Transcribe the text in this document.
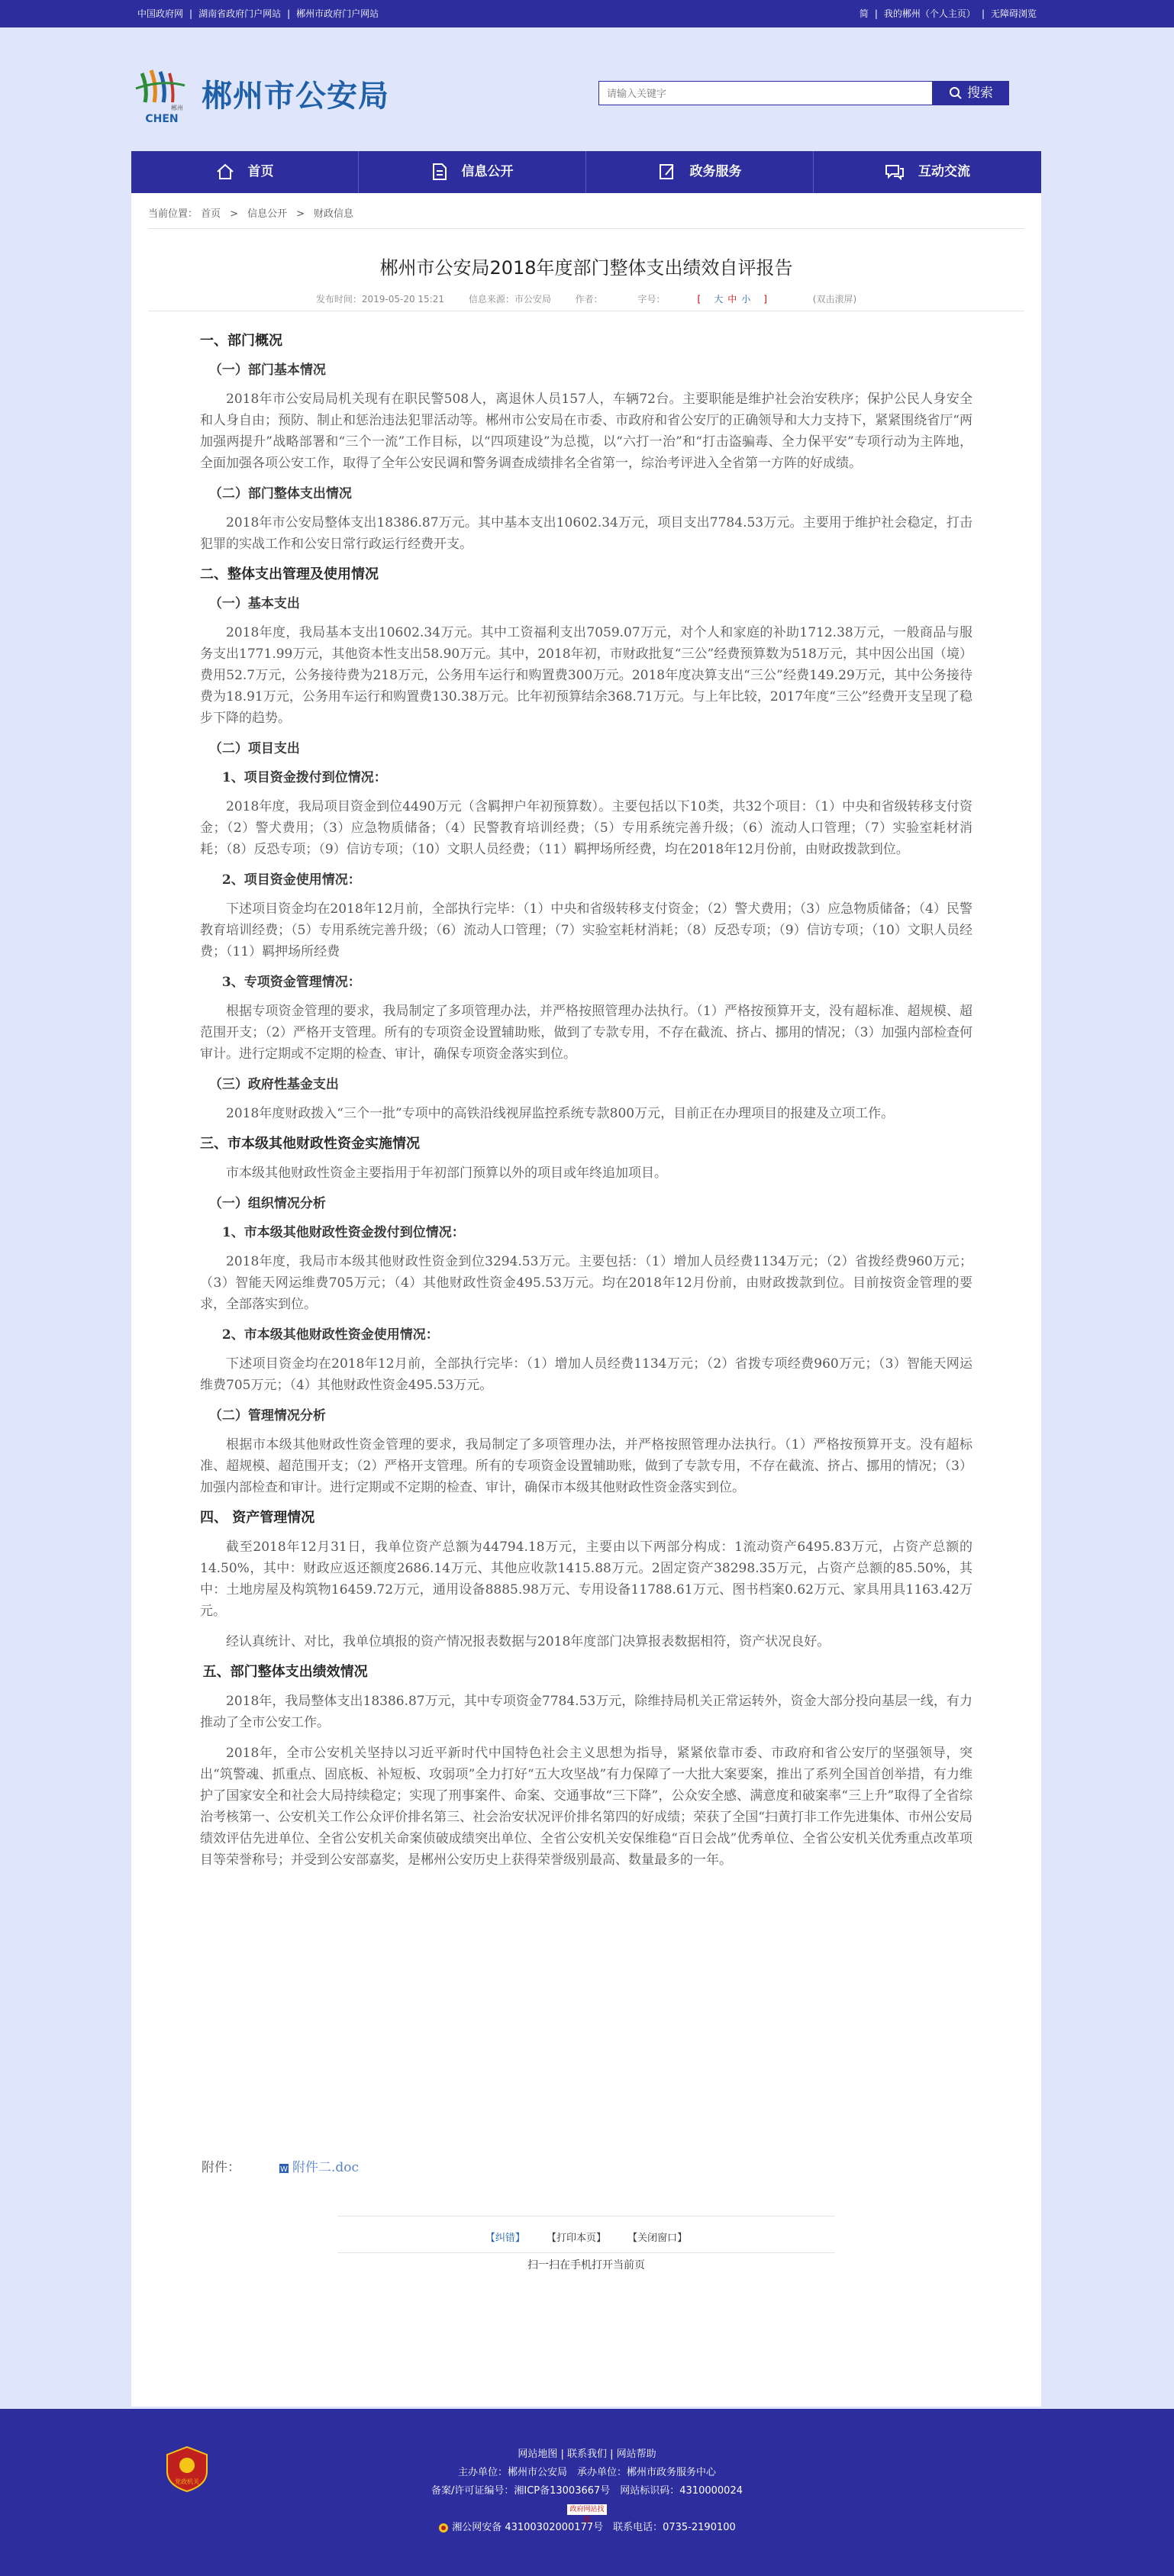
中国政府网 | 湖南省政府门户网站 | 郴州市政府门户网站	简 | 我的郴州（个人主页） | 无障碍浏览
CHEN
郴州 郴州市公安局
请输入关键字	搜索
首页	信息公开	政务服务	互动交流
当前位置： 首页 > 信息公开 > 财政信息
郴州市公安局2018年度部门整体支出绩效自评报告
发布时间：2019-05-20 15:21	信息来源：市公安局	作者：	字号：	[ 大 中 小 ]	(双击滚屏)
一、部门概况
（一）部门基本情况

2018年市公安局局机关现有在职民警508人，离退休人员157人，车辆72台。主要职能是维护社会治安秩序；保护公民人身安全和人身自由；预防、制止和惩治违法犯罪活动等。郴州市公安局在市委、市政府和省公安厅的正确领导和大力支持下，紧紧围绕省厅“两加强两提升”战略部署和“三个一流”工作目标，以“四项建设”为总揽，以“六打一治”和“打击盗骗毒、全力保平安”专项行动为主阵地，全面加强各项公安工作，取得了全年公安民调和警务调查成绩排名全省第一，综治考评进入全省第一方阵的好成绩。

（二）部门整体支出情况

2018年市公安局整体支出18386.87万元。其中基本支出10602.34万元，项目支出7784.53万元。主要用于维护社会稳定，打击犯罪的实战工作和公安日常行政运行经费开支。

二、整体支出管理及使用情况
（一）基本支出

2018年度，我局基本支出10602.34万元。其中工资福利支出7059.07万元，对个人和家庭的补助1712.38万元，一般商品与服务支出1771.99万元，其他资本性支出58.90万元。其中，2018年初，市财政批复“三公”经费预算数为518万元，其中因公出国（境）费用52.7万元，公务接待费为218万元，公务用车运行和购置费300万元。2018年度决算支出“三公”经费149.29万元，其中公务接待费为18.91万元，公务用车运行和购置费130.38万元。比年初预算结余368.71万元。与上年比较，2017年度“三公”经费开支呈现了稳步下降的趋势。

（二）项目支出
1、项目资金拨付到位情况：

2018年度，我局项目资金到位4490万元（含羁押户年初预算数）。主要包括以下10类，共32个项目：（1）中央和省级转移支付资金；（2）警犬费用；（3）应急物质储备；（4）民警教育培训经费；（5）专用系统完善升级；（6）流动人口管理；（7）实验室耗材消耗；（8）反恐专项；（9）信访专项；（10）文职人员经费；（11）羁押场所经费，均在2018年12月份前，由财政拨款到位。

2、项目资金使用情况：

下述项目资金均在2018年12月前，全部执行完毕：（1）中央和省级转移支付资金；（2）警犬费用；（3）应急物质储备；（4）民警教育培训经费；（5）专用系统完善升级；（6）流动人口管理；（7）实验室耗材消耗；（8）反恐专项；（9）信访专项；（10）文职人员经费；（11）羁押场所经费

3、专项资金管理情况：

根据专项资金管理的要求，我局制定了多项管理办法，并严格按照管理办法执行。（1）严格按预算开支，没有超标准、超规模、超范围开支；（2）严格开支管理。所有的专项资金设置辅助账，做到了专款专用，不存在截流、挤占、挪用的情况；（3）加强内部检查何审计。进行定期或不定期的检查、审计，确保专项资金落实到位。

（三）政府性基金支出

2018年度财政拨入“三个一批”专项中的高铁沿线视屏监控系统专款800万元，目前正在办理项目的报建及立项工作。

三、市本级其他财政性资金实施情况

市本级其他财政性资金主要指用于年初部门预算以外的项目或年终追加项目。

（一）组织情况分析
1、市本级其他财政性资金拨付到位情况：

2018年度，我局市本级其他财政性资金到位3294.53万元。主要包括：（1）增加人员经费1134万元；（2）省拨经费960万元；（3）智能天网运维费705万元；（4）其他财政性资金495.53万元。均在2018年12月份前，由财政拨款到位。目前按资金管理的要求，全部落实到位。

2、市本级其他财政性资金使用情况：

下述项目资金均在2018年12月前，全部执行完毕：（1）增加人员经费1134万元；（2）省拨专项经费960万元；（3）智能天网运维费705万元；（4）其他财政性资金495.53万元。

（二）管理情况分析

根据市本级其他财政性资金管理的要求，我局制定了多项管理办法，并严格按照管理办法执行。（1）严格按预算开支。没有超标准、超规模、超范围开支；（2）严格开支管理。所有的专项资金设置辅助账，做到了专款专用，不存在截流、挤占、挪用的情况；（3）加强内部检查和审计。进行定期或不定期的检查、审计，确保市本级其他财政性资金落实到位。

四、 资产管理情况

截至2018年12月31日，我单位资产总额为44794.18万元，主要由以下两部分构成：1流动资产6495.83万元，占资产总额的14.50%，其中：财政应返还额度2686.14万元、其他应收款1415.88万元。2固定资产38298.35万元，占资产总额的85.50%，其中：土地房屋及构筑物16459.72万元，通用设备8885.98万元、专用设备11788.61万元、图书档案0.62万元、家具用具1163.42万元。

经认真统计、对比，我单位填报的资产情况报表数据与2018年度部门决算报表数据相符，资产状况良好。

五、部门整体支出绩效情况

2018年，我局整体支出18386.87万元，其中专项资金7784.53万元，除维持局机关正常运转外，资金大部分投向基层一线，有力推动了全市公安工作。

2018年，全市公安机关坚持以习近平新时代中国特色社会主义思想为指导，紧紧依靠市委、市政府和省公安厅的坚强领导，突出“筑警魂、抓重点、固底板、补短板、攻弱项”全力打好“五大攻坚战”有力保障了一大批大案要案，推出了系列全国首创举措，有力维护了国家安全和社会大局持续稳定；实现了刑事案件、命案、交通事故“三下降”，公众安全感、满意度和破案率“三上升”取得了全省综治考核第一、公安机关工作公众评价排名第三、社会治安状况评价排名第四的好成绩；荣获了全国“扫黄打非工作先进集体、市州公安局绩效评估先进单位、全省公安机关命案侦破成绩突出单位、全省公安机关安保维稳“百日会战”优秀单位、全省公安机关优秀重点改革项目等荣誉称号；并受到公安部嘉奖，是郴州公安历史上获得荣誉级别最高、数量最多的一年。

附件：	W 附件二.doc
【纠错】 【打印本页】 【关闭窗口】
扫一扫在手机打开当前页
党政机关
网站地图 | 联系我们 | 网站帮助
主办单位：郴州市公安局　承办单位：郴州市政务服务中心
备案/许可证编号：湘ICP备13003667号　网站标识码：4310000024
政府网站找错
湘公网安备 43100302000177号　联系电话：0735-2190100
